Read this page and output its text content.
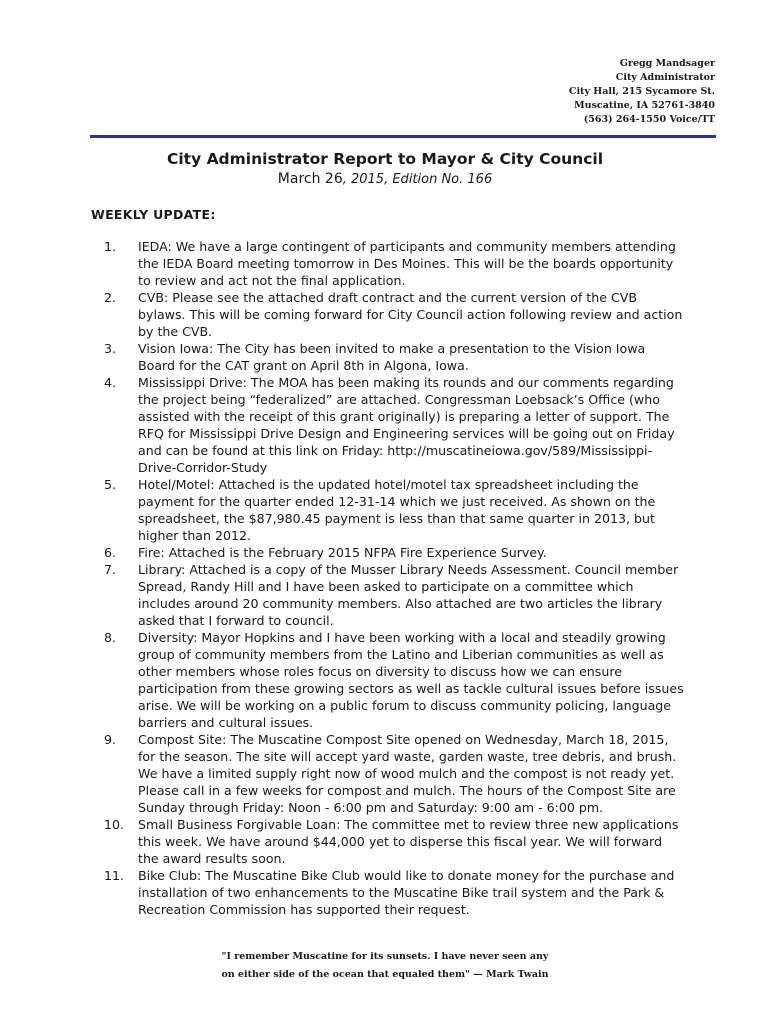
Gregg Mandsager
City Administrator
City Hall, 215 Sycamore St.
Muscatine, IA 52761-3840
(563) 264-1550 Voice/TT
City Administrator Report to Mayor & City Council
March 26, 2015, Edition No. 166
WEEKLY UPDATE:
1.	IEDA: We have a large contingent of participants and community members attending the IEDA Board meeting tomorrow in Des Moines. This will be the boards opportunity to review and act not the final application.
2.	CVB: Please see the attached draft contract and the current version of the CVB bylaws. This will be coming forward for City Council action following review and action by the CVB.
3.	Vision Iowa: The City has been invited to make a presentation to the Vision Iowa Board for the CAT grant on April 8th in Algona, Iowa.
4.	Mississippi Drive: The MOA has been making its rounds and our comments regarding the project being “federalized” are attached. Congressman Loebsack’s Office (who assisted with the receipt of this grant originally) is preparing a letter of support. The RFQ for Mississippi Drive Design and Engineering services will be going out on Friday and can be found at this link on Friday: http://muscatineiowa.gov/589/Mississippi-Drive-Corridor-Study
5.	Hotel/Motel: Attached is the updated hotel/motel tax spreadsheet including the payment for the quarter ended 12-31-14 which we just received. As shown on the spreadsheet, the $87,980.45 payment is less than that same quarter in 2013, but higher than 2012.
6.	Fire: Attached is the February 2015 NFPA Fire Experience Survey.
7.	Library: Attached is a copy of the Musser Library Needs Assessment. Council member Spread, Randy Hill and I have been asked to participate on a committee which includes around 20 community members. Also attached are two articles the library asked that I forward to council.
8.	Diversity: Mayor Hopkins and I have been working with a local and steadily growing group of community members from the Latino and Liberian communities as well as other members whose roles focus on diversity to discuss how we can ensure participation from these growing sectors as well as tackle cultural issues before issues arise. We will be working on a public forum to discuss community policing, language barriers and cultural issues.
9.	Compost Site: The Muscatine Compost Site opened on Wednesday, March 18, 2015, for the season. The site will accept yard waste, garden waste, tree debris, and brush. We have a limited supply right now of wood mulch and the compost is not ready yet. Please call in a few weeks for compost and mulch. The hours of the Compost Site are Sunday through Friday: Noon - 6:00 pm and Saturday: 9:00 am - 6:00 pm.
10.	Small Business Forgivable Loan: The committee met to review three new applications this week. We have around $44,000 yet to disperse this fiscal year. We will forward the award results soon.
11.	Bike Club: The Muscatine Bike Club would like to donate money for the purchase and installation of two enhancements to the Muscatine Bike trail system and the Park & Recreation Commission has supported their request.
"I remember Muscatine for its sunsets. I have never seen any
on either side of the ocean that equaled them" — Mark Twain
